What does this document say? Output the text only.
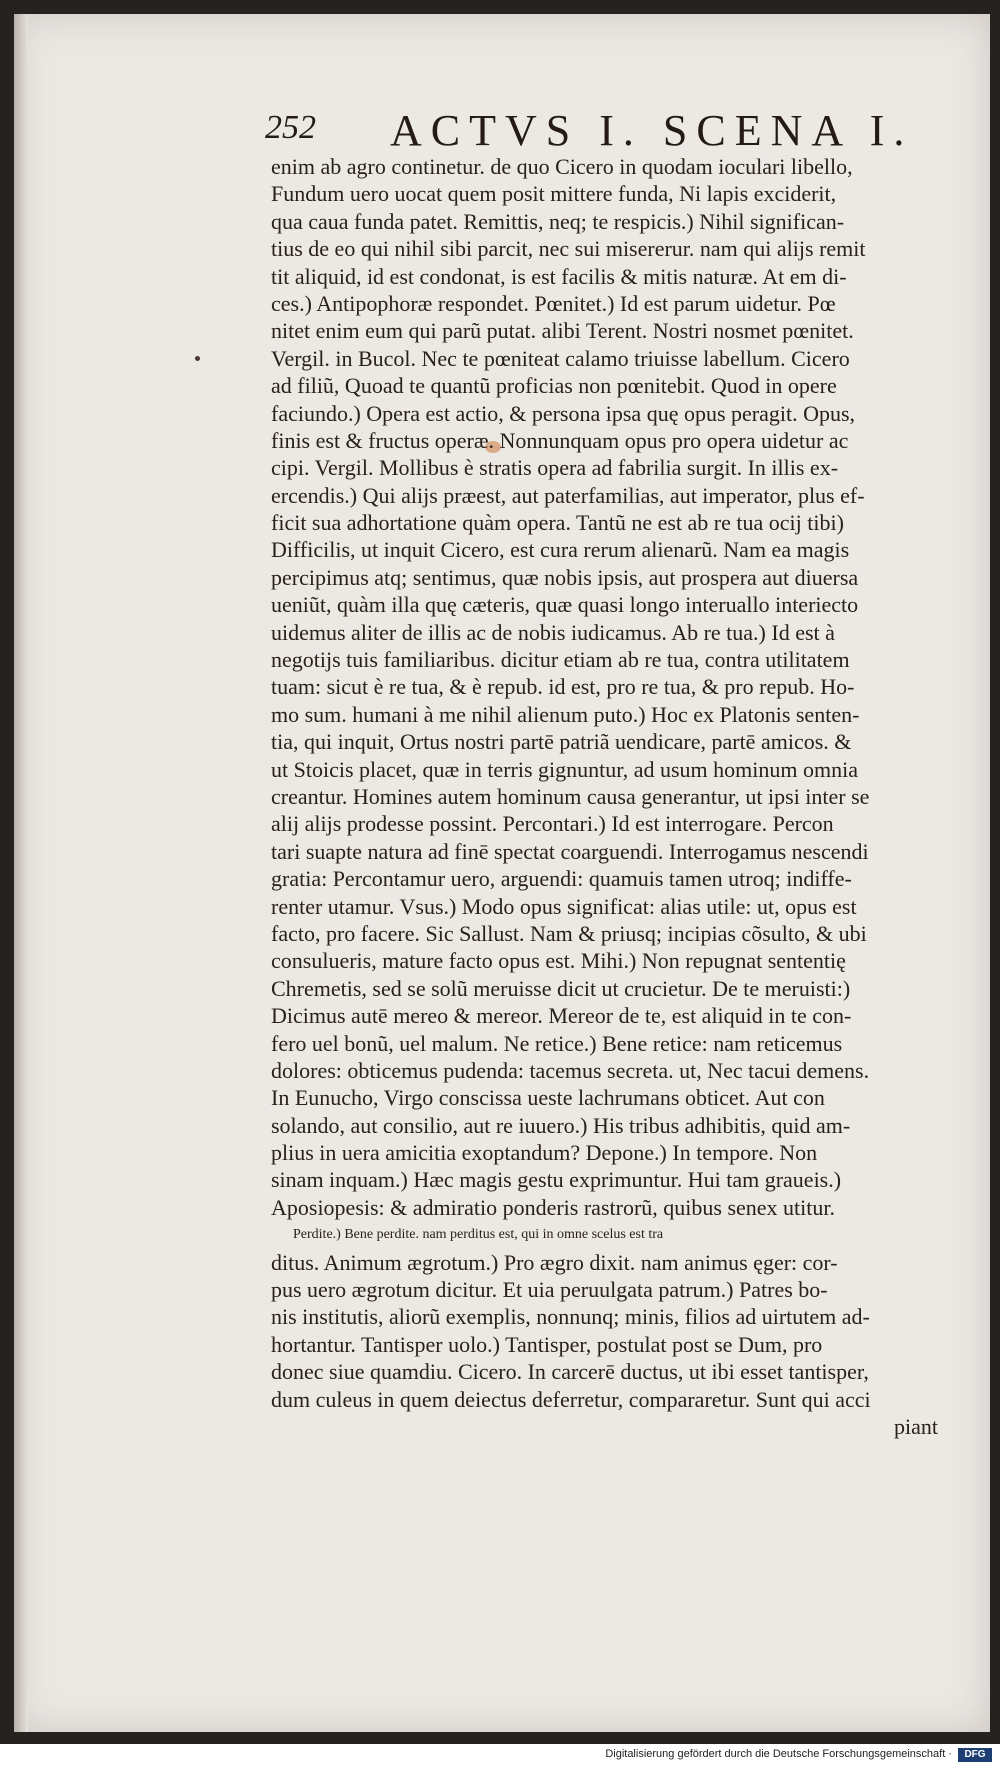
252 ACTVS I. SCENA I.
enim ab agro continetur. de quo Cicero in quodam ioculari libello,
Fundum uero uocat quem posit mittere funda, Ni lapis exciderit,
qua caua funda patet. Remittis, neq; te respicis.) Nihil significan-
tius de eo qui nihil sibi parcit, nec sui misererur. nam qui alijs remit
tit aliquid, id est condonat, is est facilis & mitis naturæ. At em di-
ces.) Antipophoræ respondet. Pœnitet.) Id est parum uidetur. Pœ
nitet enim eum qui parũ putat. alibi Terent. Nostri nosmet pœnitet.
Vergil. in Bucol. Nec te pœniteat calamo triuisse labellum. Cicero
ad filiũ, Quoad te quantũ proficias non pœnitebit. Quod in opere
faciundo.) Opera est actio, & persona ipsa quę opus peragit. Opus,
finis est & fructus operæ. Nonnunquam opus pro opera uidetur ac
cipi. Vergil. Mollibus è stratis opera ad fabrilia surgit. In illis ex-
ercendis.) Qui alijs præest, aut paterfamilias, aut imperator, plus ef-
ficit sua adhortatione quàm opera. Tantũ ne est ab re tua ocij tibi)
Difficilis, ut inquit Cicero, est cura rerum alienarũ. Nam ea magis
percipimus atq; sentimus, quæ nobis ipsis, aut prospera aut diuersa
ueniũt, quàm illa quę cæteris, quæ quasi longo interuallo interiecto
uidemus aliter de illis ac de nobis iudicamus. Ab re tua.) Id est à
negotijs tuis familiaribus. dicitur etiam ab re tua, contra utilitatem
tuam: sicut è re tua, & è repub. id est, pro re tua, & pro repub. Ho-
mo sum. humani à me nihil alienum puto.) Hoc ex Platonis senten-
tia, qui inquit, Ortus nostri partē patriã uendicare, partē amicos. &
ut Stoicis placet, quæ in terris gignuntur, ad usum hominum omnia
creantur. Homines autem hominum causa generantur, ut ipsi inter se
alij alijs prodesse possint. Percontari.) Id est interrogare. Percon
tari suapte natura ad finē spectat coarguendi. Interrogamus nescendi
gratia: Percontamur uero, arguendi: quamuis tamen utroq; indiffe-
renter utamur. Vsus.) Modo opus significat: alias utile: ut, opus est
facto, pro facere. Sic Sallust. Nam & priusq; incipias cõsulto, & ubi
consulueris, mature facto opus est. Mihi.) Non repugnat sententię
Chremetis, sed se solũ meruisse dicit ut crucietur. De te meruisti:)
Dicimus autē mereo & mereor. Mereor de te, est aliquid in te con-
fero uel bonũ, uel malum. Ne retice.) Bene retice: nam reticemus
dolores: obticemus pudenda: tacemus secreta. ut, Nec tacui demens.
In Eunucho, Virgo conscissa ueste lachrumans obticet. Aut con
solando, aut consilio, aut re iuuero.) His tribus adhibitis, quid am-
plius in uera amicitia exoptandum? Depone.) In tempore. Non
sinam inquam.) Hæc magis gestu exprimuntur. Hui tam graueis.)
Aposiopesis: & admiratio ponderis rastrorũ, quibus senex utitur.
Perdite.) Bene perdite. nam perditus est, qui in omne scelus est tra
ditus. Animum ægrotum.) Pro ægro dixit. nam animus ęger: cor-
pus uero ægrotum dicitur. Et uia peruulgata patrum.) Patres bo-
nis institutis, aliorũ exemplis, nonnunq; minis, filios ad uirtutem ad-
hortantur. Tantisper uolo.) Tantisper, postulat post se Dum, pro
donec siue quamdiu. Cicero. In carcerē ductus, ut ibi esset tantisper,
dum culeus in quem deiectus deferretur, compararetur. Sunt qui acci
piant
Digitalisierung gefördert durch die Deutsche Forschungsgemeinschaft ·	DFG
